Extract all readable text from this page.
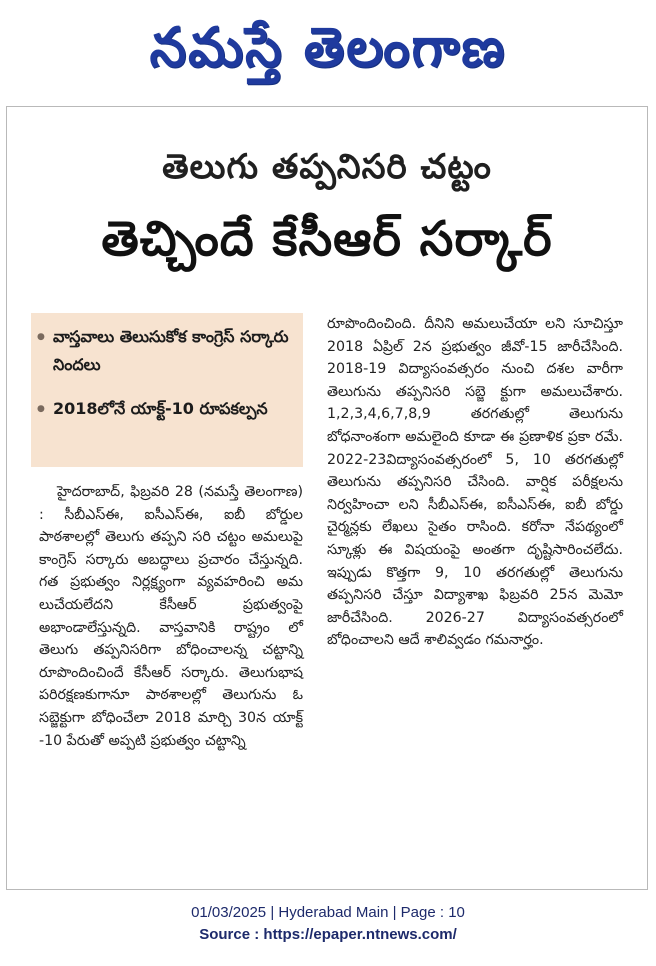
నమస్తే తెలంగాణ
తెలుగు తప్పనిసరి చట్టం
తెచ్చిందే కేసీఆర్ సర్కార్
● వాస్తవాలు తెలుసుకోక కాంగ్రెస్ సర్కారు నిందలు
● 2018లోనే యాక్ట్-10 రూపకల్పన

హైదరాబాద్, ఫిబ్రవరి 28 (నమస్తే తెలంగాణ) : సీబీఎస్ఈ, ఐసీఎస్ఈ, ఐబీ బోర్డుల పాఠశాలల్లో తెలుగు తప్పని సరి చట్టం అమలుపై కాంగ్రెస్ సర్కారు అబద్ధాలు ప్రచారం చేస్తున్నది. గత ప్రభుత్వం నిర్లక్ష్యంగా వ్యవహరించి అమ లుచేయలేదని కేసీఆర్ ప్రభుత్వంపై అభాండాలేస్తున్నది. వాస్తవానికి రాష్ట్రం లో తెలుగు తప్పనిసరిగా బోధించాలన్న చట్టాన్ని రూపొందించిందే కేసీఆర్ సర్కారు. తెలుగుభాష పరిరక్షణకుగానూ పాఠశాలల్లో తెలుగును ఓ సబ్జెక్టుగా బోధించేలా 2018 మార్చి 30న యాక్ట్ -10 పేరుతో అప్పటి ప్రభుత్వం చట్టాన్ని

రూపొందించింది. దీనిని అమలుచేయా లని సూచిస్తూ 2018 ఏప్రిల్ 2న ప్రభుత్వం జీవో-15 జారీచేసింది. 2018-19 విద్యాసంవత్సరం నుంచి దశల వారీగా తెలుగును తప్పనిసరి సబ్జె క్టుగా అమలుచేశారు. 1,2,3,4,6,7,8,9 తరగతుల్లో తెలుగును బోధనాంశంగా అమలైంది కూడా ఈ ప్రణాళిక ప్రకా రమే. 2022-23విద్యాసంవత్సరంలో 5, 10 తరగతుల్లో తెలుగును తప్పనిసరి చేసింది. వార్షిక పరీక్షలను నిర్వహించా లని సీబీఎస్ఈ, ఐసీఎస్ఈ, ఐబీ బోర్డు చైర్మన్లకు లేఖలు సైతం రాసింది. కరోనా నేపథ్యంలో స్కూళ్లు ఈ విషయంపై అంతగా దృష్టిసారించలేదు. ఇప్పుడు కొత్తగా 9, 10 తరగతుల్లో తెలుగును తప్పనిసరి చేస్తూ విద్యాశాఖ ఫిబ్రవరి 25న మెమో జారీచేసింది. 2026-27 విద్యాసంవత్సరంలో బోధించాలని ఆదే శాలివ్వడం గమనార్హం.

01/03/2025 | Hyderabad Main | Page : 10
Source : https://epaper.ntnews.com/
